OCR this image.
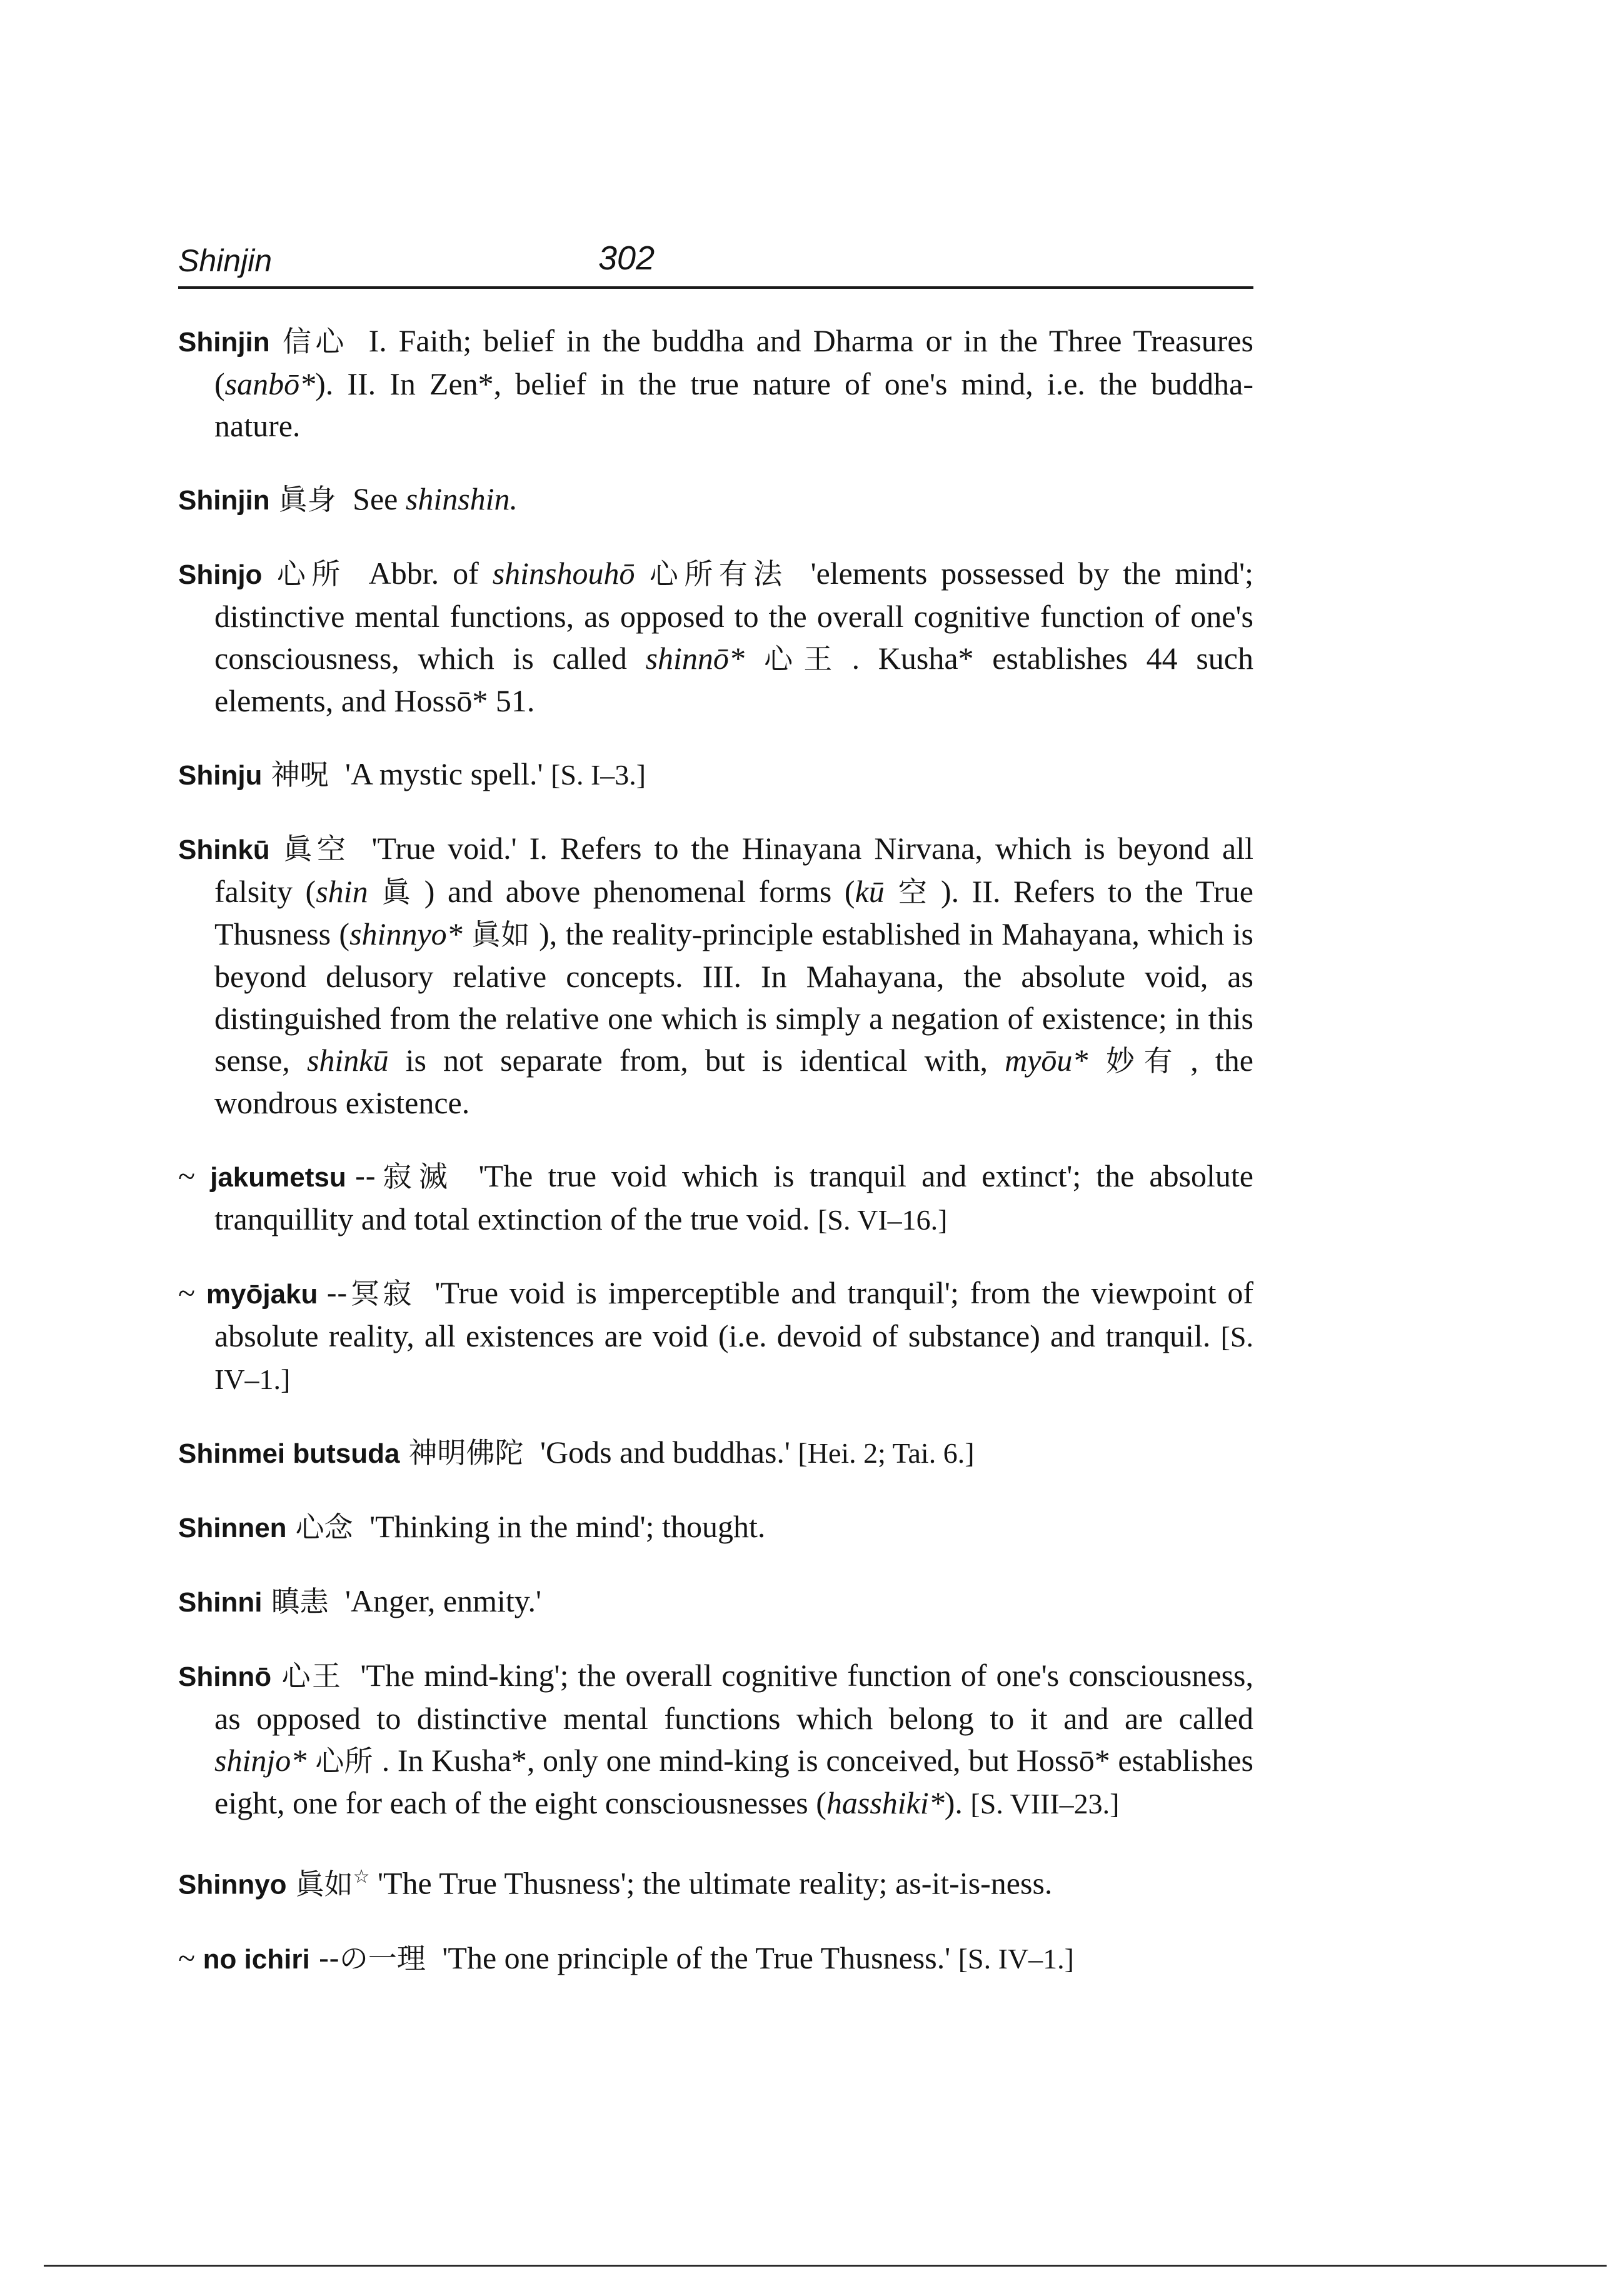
Shinjin	302

Shinjin 信心 I. Faith; belief in the buddha and Dharma or in the Three Treasures (sanbō*). II. In Zen*, belief in the true nature of one's mind, i.e. the buddha-nature.

Shinjin 眞身 See shinshin.

Shinjo 心所 Abbr. of shinshouhō 心所有法 'elements possessed by the mind'; distinctive mental functions, as opposed to the overall cognitive function of one's consciousness, which is called shinnō* 心王 . Kusha* establishes 44 such elements, and Hossō* 51.

Shinju 神呪 'A mystic spell.' [S. I–3.]

Shinkū 眞空 'True void.' I. Refers to the Hinayana Nirvana, which is beyond all falsity (shin 眞 ) and above phenomenal forms (kū 空 ). II. Refers to the True Thusness (shinnyo* 眞如 ), the reality-principle established in Mahayana, which is beyond delusory relative concepts. III. In Mahayana, the absolute void, as distinguished from the relative one which is simply a negation of existence; in this sense, shinkū is not separate from, but is identical with, myōu* 妙有 , the wondrous existence.

~ jakumetsu --寂滅 'The true void which is tranquil and extinct'; the absolute tranquillity and total extinction of the true void. [S. VI–16.]

~ myōjaku --冥寂 'True void is imperceptible and tranquil'; from the viewpoint of absolute reality, all existences are void (i.e. devoid of substance) and tranquil. [S. IV–1.]

Shinmei butsuda 神明佛陀 'Gods and buddhas.' [Hei. 2; Tai. 6.]

Shinnen 心念 'Thinking in the mind'; thought.

Shinni 瞋恚 'Anger, enmity.'

Shinnō 心王 'The mind-king'; the overall cognitive function of one's consciousness, as opposed to distinctive mental functions which belong to it and are called shinjo* 心所 . In Kusha*, only one mind-king is conceived, but Hossō* establishes eight, one for each of the eight consciousnesses (hasshiki*). [S. VIII–23.]

Shinnyo 眞如☆ 'The True Thusness'; the ultimate reality; as-it-is-ness.

~ no ichiri --の一理 'The one principle of the True Thusness.' [S. IV–1.]
